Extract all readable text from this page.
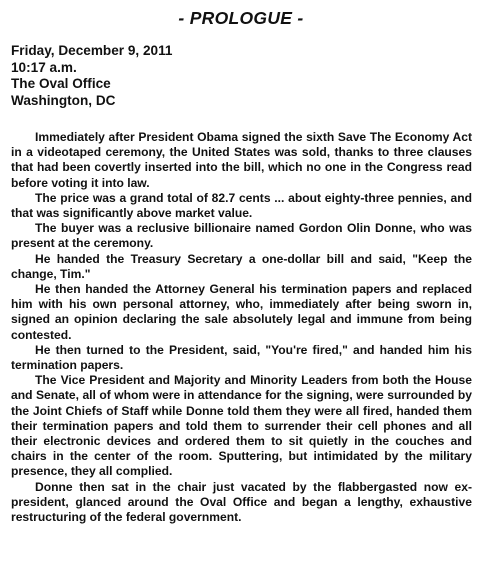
- PROLOGUE -
Friday, December 9, 2011
10:17 a.m.
The Oval Office
Washington, DC

Immediately after President Obama signed the sixth Save The Economy Act in a videotaped ceremony, the United States was sold, thanks to three clauses that had been covertly inserted into the bill, which no one in the Congress read before voting it into law.

The price was a grand total of 82.7 cents ... about eighty-three pennies, and that was significantly above market value.

The buyer was a reclusive billionaire named Gordon Olin Donne, who was present at the ceremony.

He handed the Treasury Secretary a one-dollar bill and said, "Keep the change, Tim."

He then handed the Attorney General his termination papers and replaced him with his own personal attorney, who, immediately after being sworn in, signed an opinion declaring the sale absolutely legal and immune from being contested.

He then turned to the President, said, "You're fired," and handed him his termination papers.

The Vice President and Majority and Minority Leaders from both the House and Senate, all of whom were in attendance for the signing, were surrounded by the Joint Chiefs of Staff while Donne told them they were all fired, handed them their termination papers and told them to surrender their cell phones and all their electronic devices and ordered them to sit quietly in the couches and chairs in the center of the room. Sputtering, but intimidated by the military presence, they all complied.

Donne then sat in the chair just vacated by the flabbergasted now ex-president, glanced around the Oval Office and began a lengthy, exhaustive restructuring of the federal government.
